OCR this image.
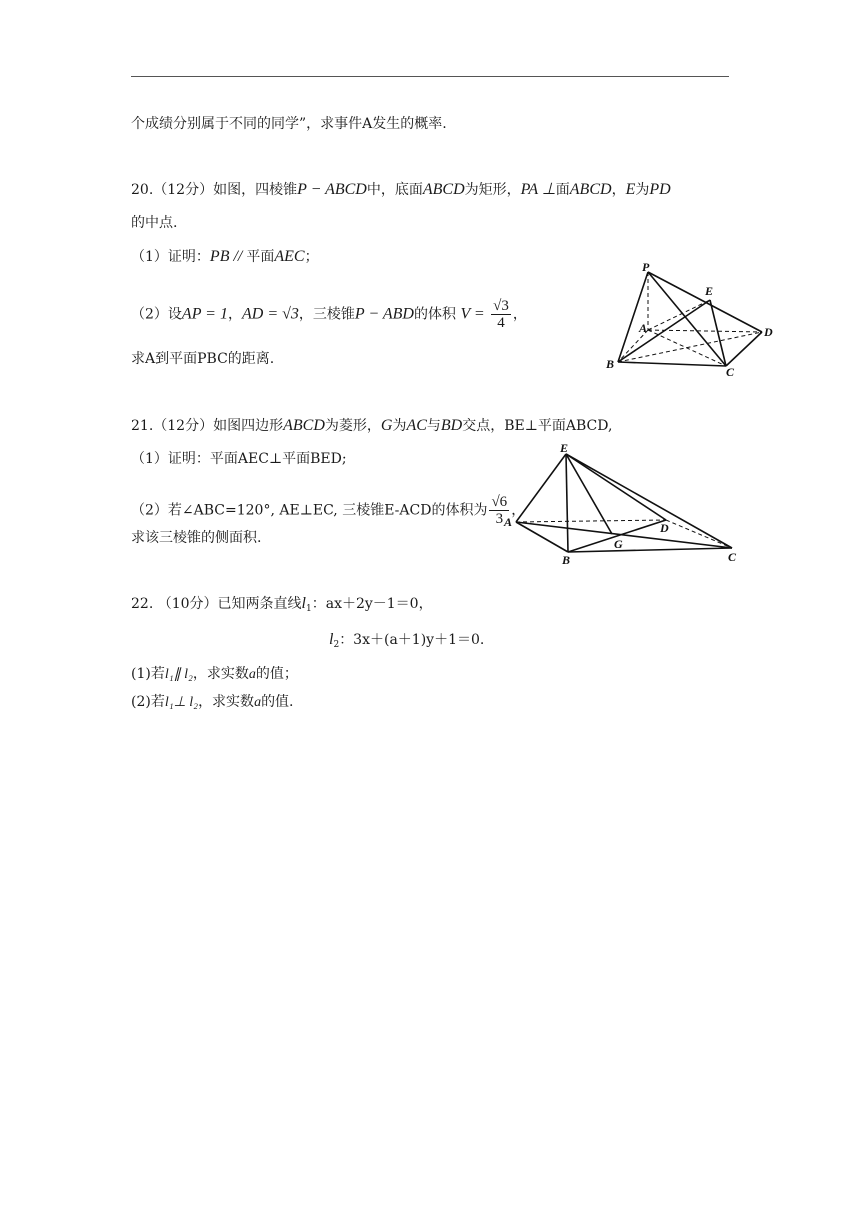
个成绩分别属于不同的同学”，求事件A发生的概率.
20.（12分）如图，四棱锥P − ABCD中，底面ABCD为矩形，PA ⊥面ABCD，E为PD
的中点.
（1）证明：PB // 平面AEC；
（2）设AP = 1，AD = √3，三棱锥P − ABD的体积 $V = \frac{√3}{4}$ ，
求A到平面PBC的距离.
P
E
A	D
B
C
21.（12分）如图四边形ABCD为菱形，G为AC与BD交点，BE⊥平面ABCD,
（1）证明：平面AEC⊥平面BED;
（2）若∠ABC=120°, AE⊥EC, 三棱锥E-ACD的体积为 $\frac{√6}{3}$ ，
求该三棱锥的侧面积.
E
A	D
G
B	C
22. （10分）已知两条直线$l_1$：ax＋2y－1＝0，
$l_2$：3x＋(a＋1)y＋1＝0.
(1)若l₁∥ l₂，求实数a的值；
(2)若l₁⊥ l₂，求实数a的值.
